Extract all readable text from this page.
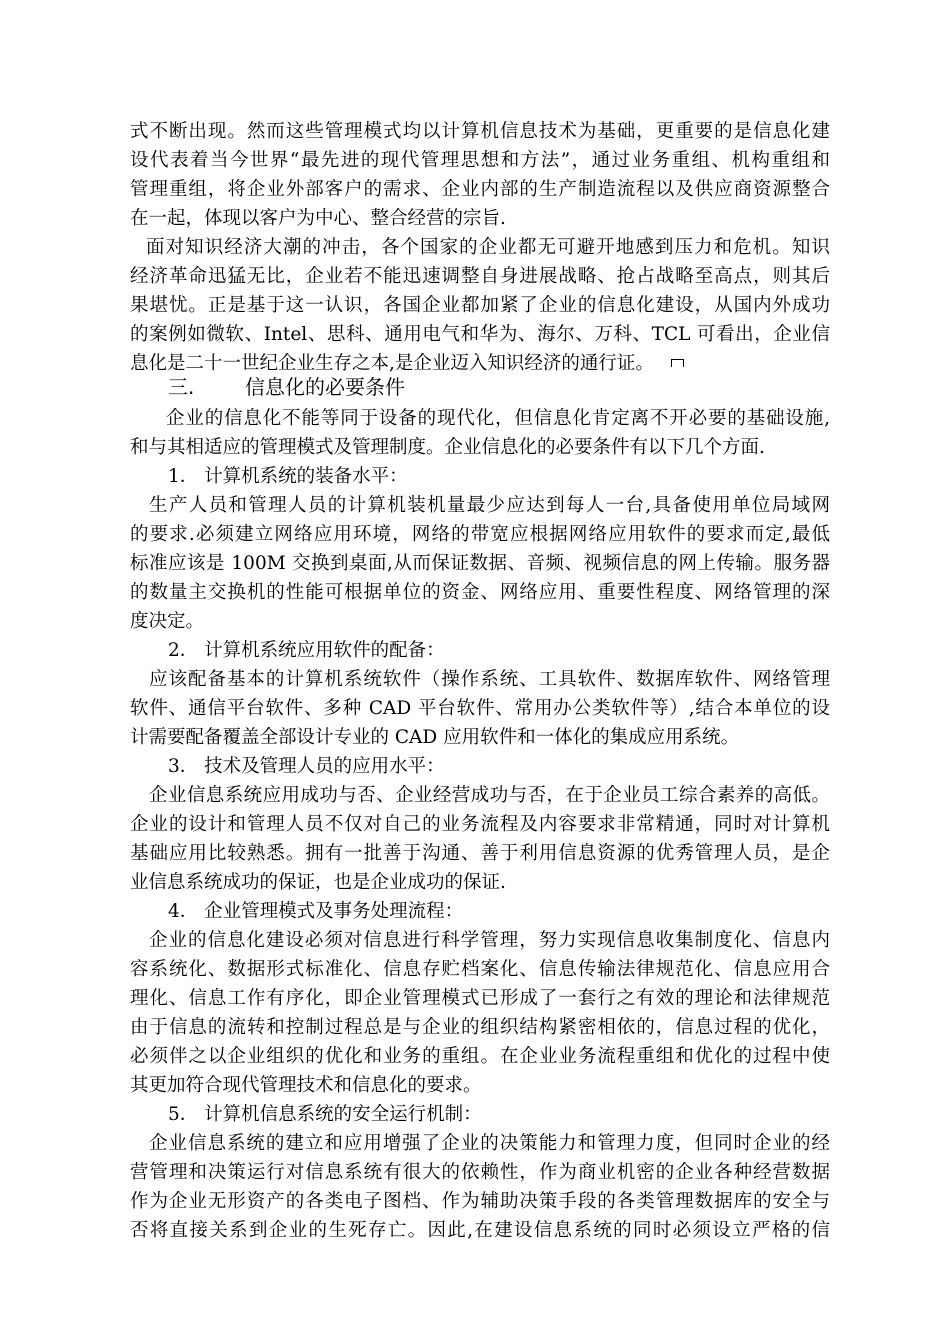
式不断出现。然而这些管理模式均以计算机信息技术为基础，更重要的是信息化建
设代表着当今世界“最先进的现代管理思想和方法”，通过业务重组、机构重组和
管理重组，将企业外部客户的需求、企业内部的生产制造流程以及供应商资源整合
在一起，体现以客户为中心、整合经营的宗旨.
面对知识经济大潮的冲击，各个国家的企业都无可避开地感到压力和危机。知识
经济革命迅猛无比，企业若不能迅速调整自身进展战略、抢占战略至高点，则其后
果堪忧。正是基于这一认识，各国企业都加紧了企业的信息化建设，从国内外成功
的案例如微软、Intel、思科、通用电气和华为、海尔、万科、TCL 可看出，企业信
息化是二十一世纪企业生存之本,是企业迈入知识经济的通行证。
三.	信息化的必要条件
企业的信息化不能等同于设备的现代化，但信息化肯定离不开必要的基础设施,
和与其相适应的管理模式及管理制度。企业信息化的必要条件有以下几个方面.
1． 计算机系统的装备水平：
生产人员和管理人员的计算机装机量最少应达到每人一台,具备使用单位局域网
的要求.必须建立网络应用环境，网络的带宽应根据网络应用软件的要求而定,最低
标准应该是 100M 交换到桌面,从而保证数据、音频、视频信息的网上传输。服务器
的数量主交换机的性能可根据单位的资金、网络应用、重要性程度、网络管理的深
度决定。
2． 计算机系统应用软件的配备：
应该配备基本的计算机系统软件（操作系统、工具软件、数据库软件、网络管理
软件、通信平台软件、多种 CAD 平台软件、常用办公类软件等）,结合本单位的设
计需要配备覆盖全部设计专业的 CAD 应用软件和一体化的集成应用系统。
3． 技术及管理人员的应用水平：
企业信息系统应用成功与否、企业经营成功与否，在于企业员工综合素养的高低。
企业的设计和管理人员不仅对自己的业务流程及内容要求非常精通，同时对计算机
基础应用比较熟悉。拥有一批善于沟通、善于利用信息资源的优秀管理人员，是企
业信息系统成功的保证，也是企业成功的保证.
4． 企业管理模式及事务处理流程：
企业的信息化建设必须对信息进行科学管理，努力实现信息收集制度化、信息内
容系统化、数据形式标准化、信息存贮档案化、信息传输法律规范化、信息应用合
理化、信息工作有序化，即企业管理模式已形成了一套行之有效的理论和法律规范
由于信息的流转和控制过程总是与企业的组织结构紧密相依的，信息过程的优化，
必须伴之以企业组织的优化和业务的重组。在企业业务流程重组和优化的过程中使
其更加符合现代管理技术和信息化的要求。
5． 计算机信息系统的安全运行机制：
企业信息系统的建立和应用增强了企业的决策能力和管理力度，但同时企业的经
营管理和决策运行对信息系统有很大的依赖性，作为商业机密的企业各种经营数据
作为企业无形资产的各类电子图档、作为辅助决策手段的各类管理数据库的安全与
否将直接关系到企业的生死存亡。因此,在建设信息系统的同时必须设立严格的信
